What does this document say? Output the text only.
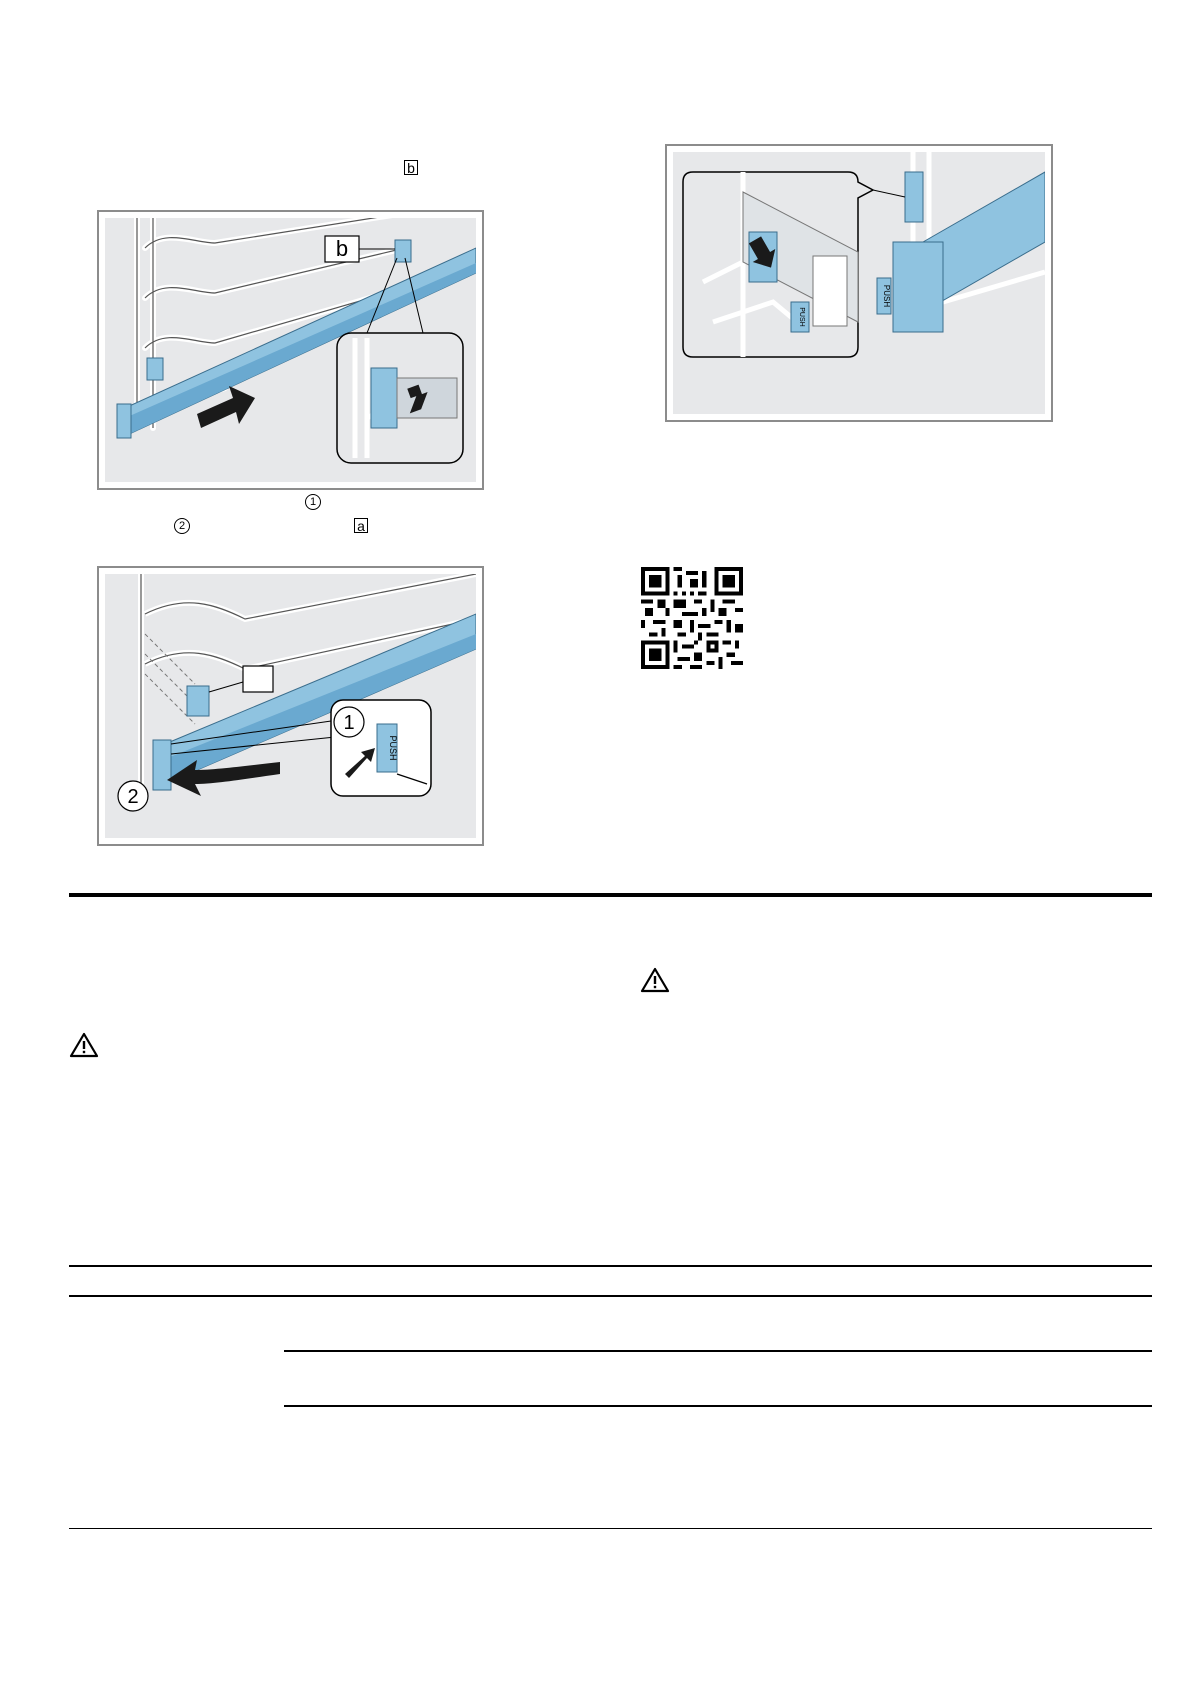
b
b
1
2	a
PUSH
1
2
PUSH
PUSH
